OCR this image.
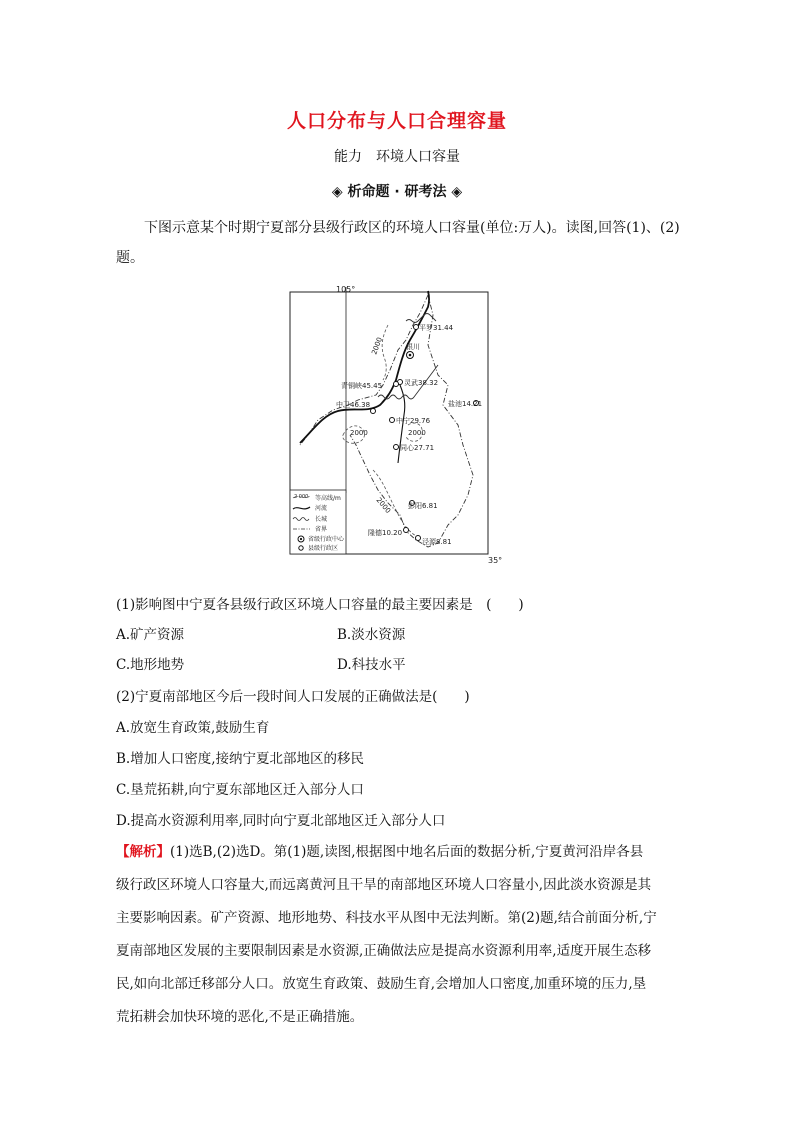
人口分布与人口合理容量
能力　环境人口容量
◈ 析命题 · 研考法 ◈
下图示意某个时期宁夏部分县级行政区的环境人口容量(单位:万人)。读图,回答(1)、(2)题。
105°
35°
2000
2000	2000
2000
平罗31.44
银川
灵武38.32
青铜峡45.45
盐池14.21
中卫46.38
中宁29.76
同心27.71
彭阳6.81
隆德10.20
泾源8.81
2 000 等高线/m
河流
长城
省界
省级行政中心
县级行政区
(1)影响图中宁夏各县级行政区环境人口容量的最主要因素是　(　　)
A.矿产资源	B.淡水资源
C.地形地势	D.科技水平
(2)宁夏南部地区今后一段时间人口发展的正确做法是(　　)
A.放宽生育政策,鼓励生育
B.增加人口密度,接纳宁夏北部地区的移民
C.垦荒拓耕,向宁夏东部地区迁入部分人口
D.提高水资源利用率,同时向宁夏北部地区迁入部分人口
【解析】(1)选B,(2)选D。第(1)题,读图,根据图中地名后面的数据分析,宁夏黄河沿岸各县
级行政区环境人口容量大,而远离黄河且干旱的南部地区环境人口容量小,因此淡水资源是其
主要影响因素。矿产资源、地形地势、科技水平从图中无法判断。第(2)题,结合前面分析,宁
夏南部地区发展的主要限制因素是水资源,正确做法应是提高水资源利用率,适度开展生态移
民,如向北部迁移部分人口。放宽生育政策、鼓励生育,会增加人口密度,加重环境的压力,垦
荒拓耕会加快环境的恶化,不是正确措施。
